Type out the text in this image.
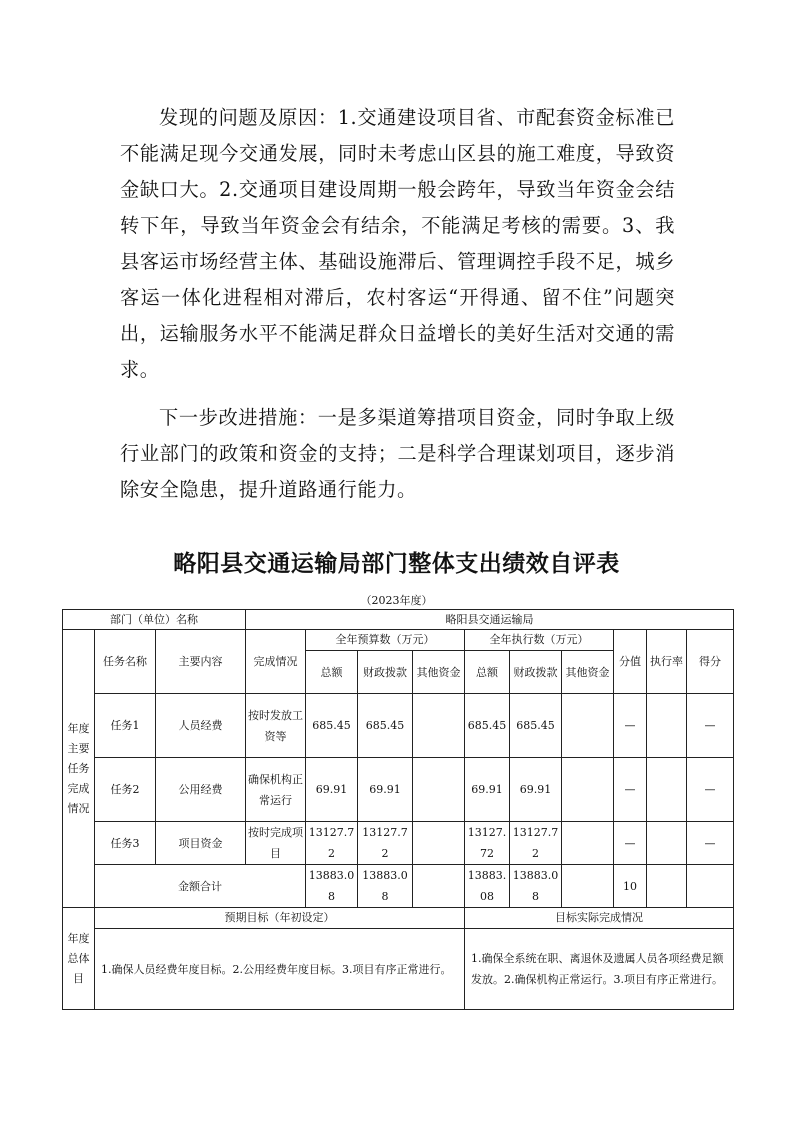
发现的问题及原因：1.交通建设项目省、市配套资金标准已不能满足现今交通发展，同时未考虑山区县的施工难度，导致资金缺口大。2.交通项目建设周期一般会跨年，导致当年资金会结转下年，导致当年资金会有结余，不能满足考核的需要。3、我县客运市场经营主体、基础设施滞后、管理调控手段不足，城乡客运一体化进程相对滞后，农村客运“开得通、留不住”问题突出，运输服务水平不能满足群众日益增长的美好生活对交通的需求。

下一步改进措施：一是多渠道筹措项目资金，同时争取上级行业部门的政策和资金的支持；二是科学合理谋划项目，逐步消除安全隐患，提升道路通行能力。

略阳县交通运输局部门整体支出绩效自评表

（2023年度）

部门（单位）名称			略阳县交通运输局									
年度主要任务完成情况	任务名称	主要内容	完成情况	全年预算数（万元）			全年执行数（万元）			分值	执行率	得分
				总额	财政拨款	其他资金	总额	财政拨款	其他资金			
	任务1	人员经费	按时发放工资等	685.45	685.45		685.45	685.45		—		—
	任务2	公用经费	确保机构正常运行	69.91	69.91		69.91	69.91		—		—
	任务3	项目资金	按时完成项目	13127.72	13127.72		13127.72	13127.72		—		—
	金额合计			13883.08	13883.08		13883.08	13883.08		10		
年度总体目	预期目标（年初设定）						目标实际完成情况					
	1.确保人员经费年度目标。2.公用经费年度目标。3.项目有序正常进行。						1.确保全系统在职、离退休及遗属人员各项经费足额发放。2.确保机构正常运行。3.项目有序正常进行。					
